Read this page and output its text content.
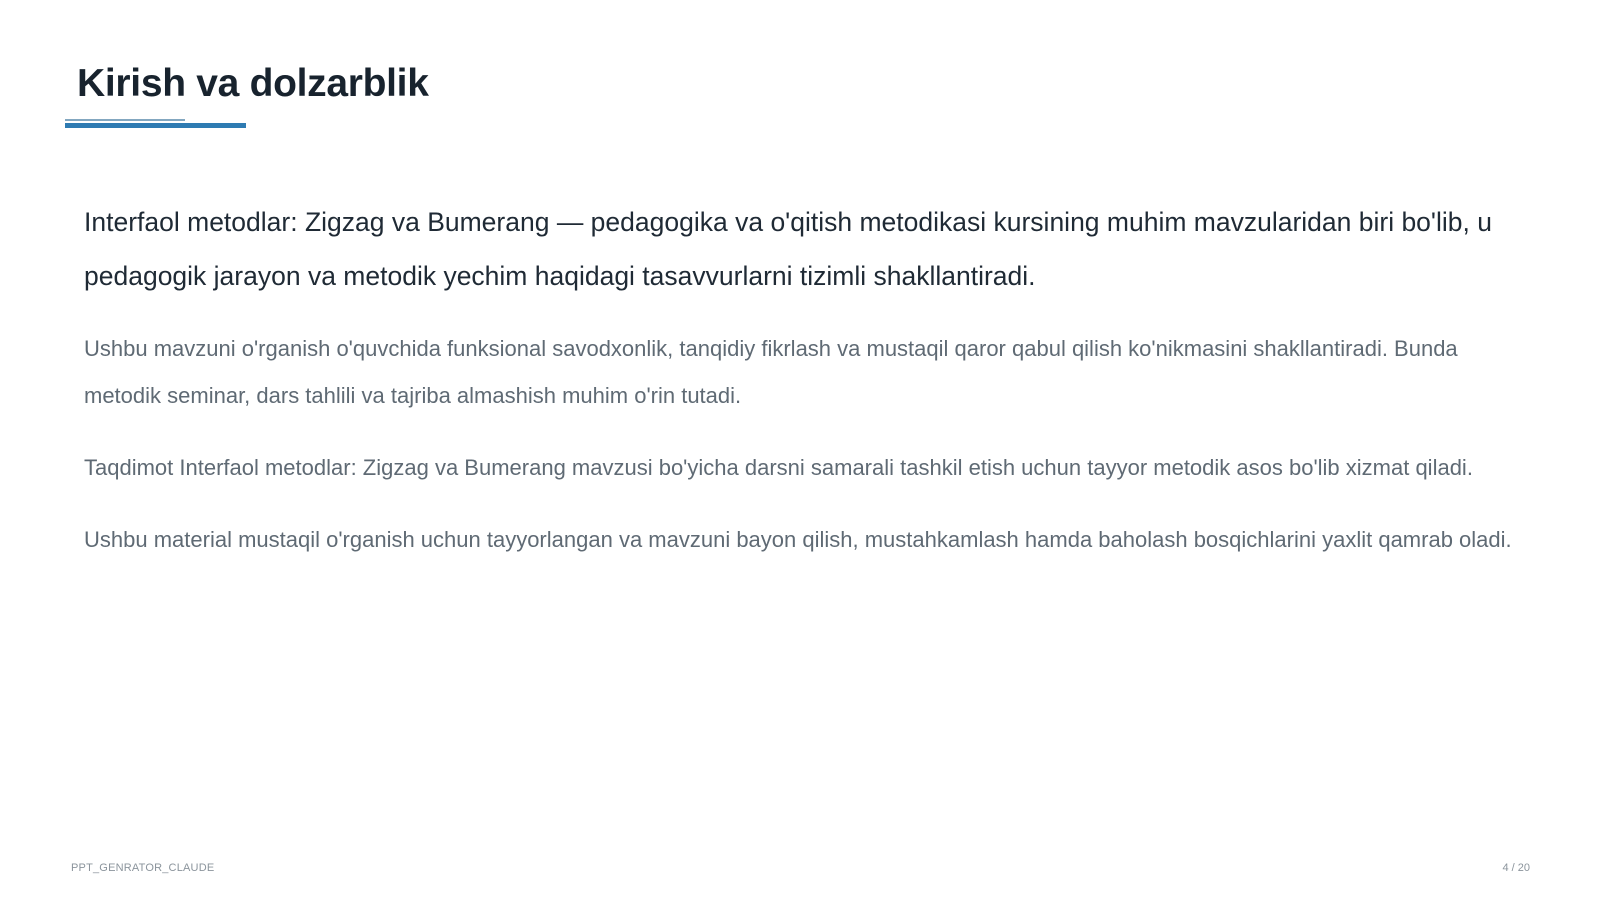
Kirish va dolzarblik

Interfaol metodlar: Zigzag va Bumerang — pedagogika va o'qitish metodikasi kursining muhim mavzularidan biri bo'lib, u pedagogik jarayon va metodik yechim haqidagi tasavvurlarni tizimli shakllantiradi.

Ushbu mavzuni o'rganish o'quvchida funksional savodxonlik, tanqidiy fikrlash va mustaqil qaror qabul qilish ko'nikmasini shakllantiradi. Bunda metodik seminar, dars tahlili va tajriba almashish muhim o'rin tutadi.

Taqdimot Interfaol metodlar: Zigzag va Bumerang mavzusi bo'yicha darsni samarali tashkil etish uchun tayyor metodik asos bo'lib xizmat qiladi.

Ushbu material mustaqil o'rganish uchun tayyorlangan va mavzuni bayon qilish, mustahkamlash hamda baholash bosqichlarini yaxlit qamrab oladi.

PPT_GENRATOR_CLAUDE	4 / 20
